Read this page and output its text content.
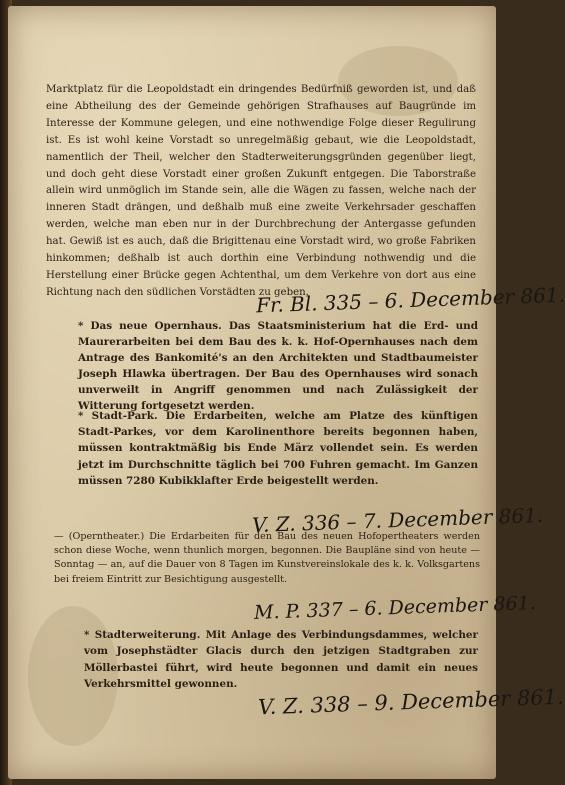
Marktplatz für die Leopoldstadt ein dringendes Bedürfniß geworden ist, und daß eine Abtheilung des der Gemeinde gehörigen Strafhauses auf Baugründe im Interesse der Kommune gelegen, und eine nothwendige Folge dieser Regulirung ist. Es ist wohl keine Vorstadt so unregelmäßig gebaut, wie die Leopoldstadt, namentlich der Theil, welcher den Stadterweiterungsgründen gegenüber liegt, und doch geht diese Vorstadt einer großen Zukunft entgegen. Die Taborstraße allein wird unmöglich im Stande sein, alle die Wägen zu fassen, welche nach der inneren Stadt drängen, und deßhalb muß eine zweite Verkehrsader geschaffen werden, welche man eben nur in der Durchbrechung der Antergasse gefunden hat. Gewiß ist es auch, daß die Brigittenau eine Vorstadt wird, wo große Fabriken hinkommen; deßhalb ist auch dorthin eine Verbindung nothwendig und die Herstellung einer Brücke gegen Achtenthal, um dem Verkehre von dort aus eine Richtung nach den südlichen Vorstädten zu geben.

Fr. Bl. 335 – 6. December 861.

* Das neue Opernhaus. Das Staatsministerium hat die Erd- und Maurerarbeiten bei dem Bau des k. k. Hof-Opernhauses nach dem Antrage des Bankomité's an den Architekten und Stadtbaumeister Joseph Hlawka übertragen. Der Bau des Opernhauses wird sonach unverweilt in Angriff genommen und nach Zulässigkeit der Witterung fortgesetzt werden.

* Stadt-Park. Die Erdarbeiten, welche am Platze des künftigen Stadt-Parkes, vor dem Karolinenthore bereits begonnen haben, müssen kontraktmäßig bis Ende März vollendet sein. Es werden jetzt im Durchschnitte täglich bei 700 Fuhren gemacht. Im Ganzen müssen 7280 Kubikklafter Erde beigestellt werden.

V. Z. 336 – 7. December 861.

— (Operntheater.) Die Erdarbeiten für den Bau des neuen Hofopertheaters werden schon diese Woche, wenn thunlich morgen, begonnen. Die Baupläne sind von heute — Sonntag — an, auf die Dauer von 8 Tagen im Kunstvereinslokale des k. k. Volksgartens bei freiem Eintritt zur Besichtigung ausgestellt.

M. P. 337 – 6. December 861.

* Stadterweiterung. Mit Anlage des Verbindungsdammes, welcher vom Josephstädter Glacis durch den jetzigen Stadtgraben zur Möllerbastei führt, wird heute begonnen und damit ein neues Verkehrsmittel gewonnen.

V. Z. 338 – 9. December 861.
